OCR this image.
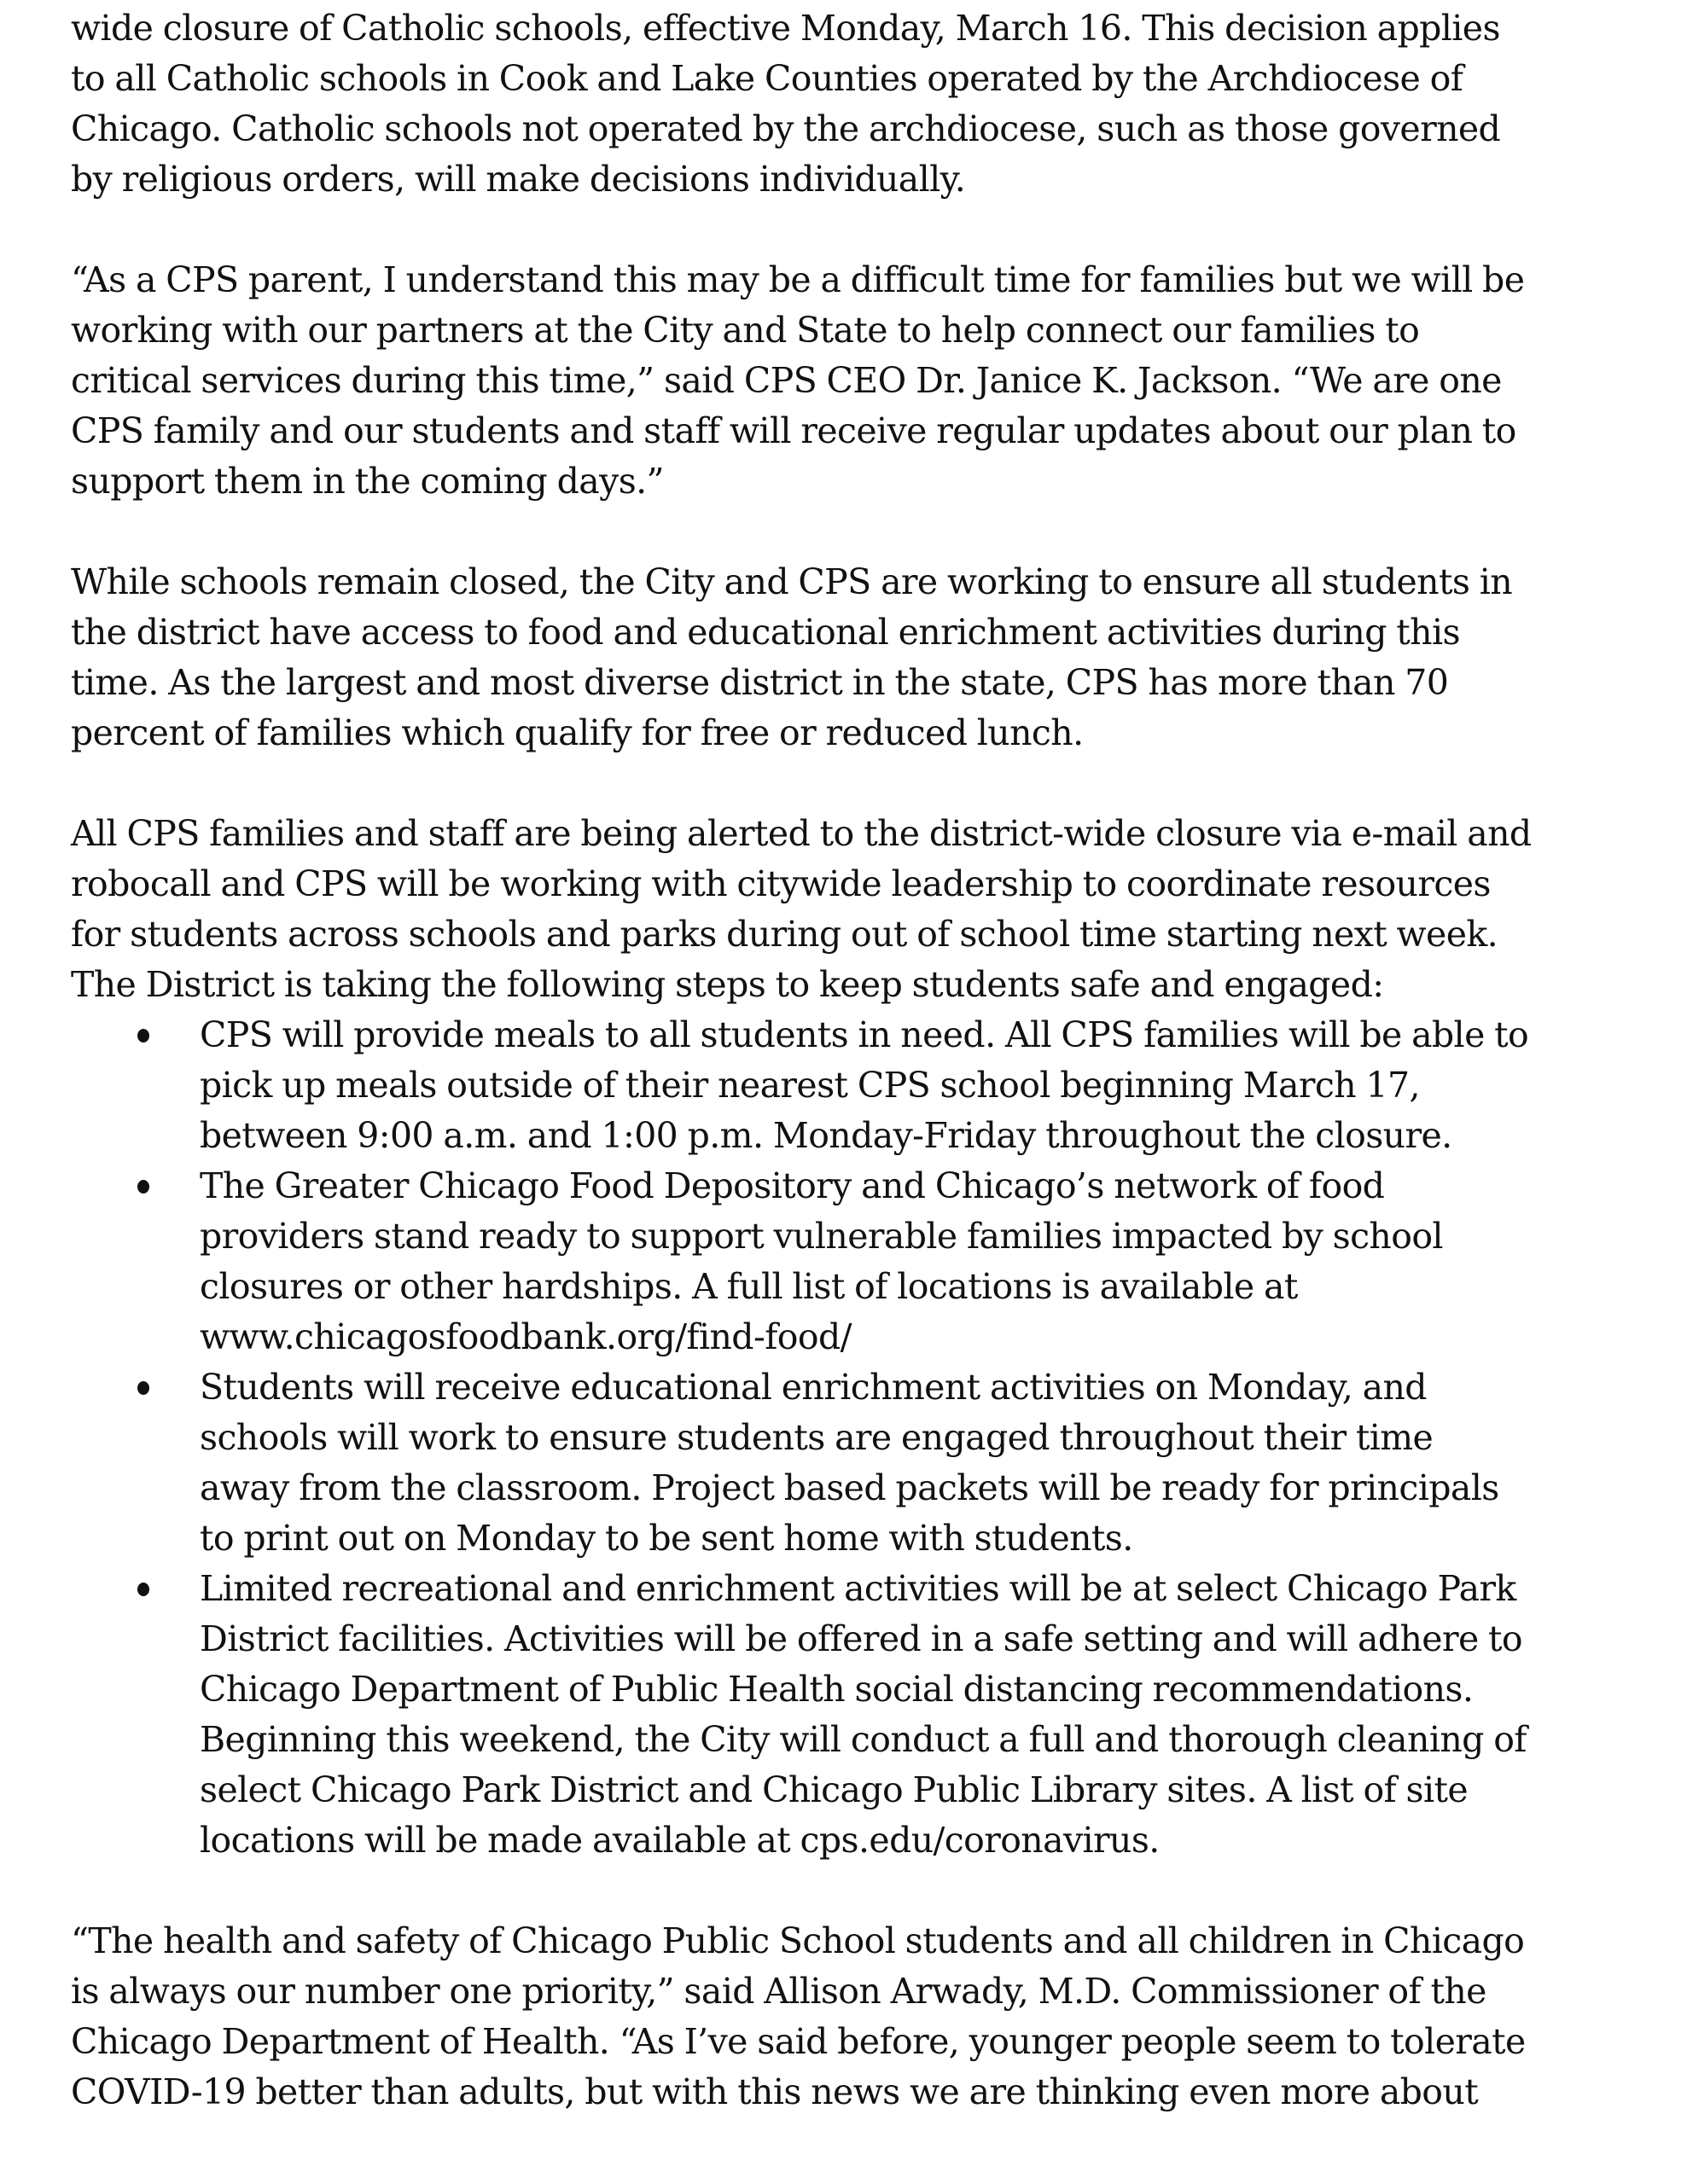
wide closure of Catholic schools, effective Monday, March 16. This decision applies
to all Catholic schools in Cook and Lake Counties operated by the Archdiocese of
Chicago. Catholic schools not operated by the archdiocese, such as those governed
by religious orders, will make decisions individually.

“As a CPS parent, I understand this may be a difficult time for families but we will be
working with our partners at the City and State to help connect our families to
critical services during this time,” said CPS CEO Dr. Janice K. Jackson. “We are one
CPS family and our students and staff will receive regular updates about our plan to
support them in the coming days.”

While schools remain closed, the City and CPS are working to ensure all students in
the district have access to food and educational enrichment activities during this
time. As the largest and most diverse district in the state, CPS has more than 70
percent of families which qualify for free or reduced lunch.

All CPS families and staff are being alerted to the district-wide closure via e-mail and
robocall and CPS will be working with citywide leadership to coordinate resources
for students across schools and parks during out of school time starting next week.
The District is taking the following steps to keep students safe and engaged:

CPS will provide meals to all students in need. All CPS families will be able to
pick up meals outside of their nearest CPS school beginning March 17,
between 9:00 a.m. and 1:00 p.m. Monday-Friday throughout the closure.
The Greater Chicago Food Depository and Chicago’s network of food
providers stand ready to support vulnerable families impacted by school
closures or other hardships. A full list of locations is available at
www.chicagosfoodbank.org/find-food/
Students will receive educational enrichment activities on Monday, and
schools will work to ensure students are engaged throughout their time
away from the classroom. Project based packets will be ready for principals
to print out on Monday to be sent home with students.
Limited recreational and enrichment activities will be at select Chicago Park
District facilities. Activities will be offered in a safe setting and will adhere to
Chicago Department of Public Health social distancing recommendations.
Beginning this weekend, the City will conduct a full and thorough cleaning of
select Chicago Park District and Chicago Public Library sites. A list of site
locations will be made available at cps.edu/coronavirus.

“The health and safety of Chicago Public School students and all children in Chicago
is always our number one priority,” said Allison Arwady, M.D. Commissioner of the
Chicago Department of Health. “As I’ve said before, younger people seem to tolerate
COVID-19 better than adults, but with this news we are thinking even more about
